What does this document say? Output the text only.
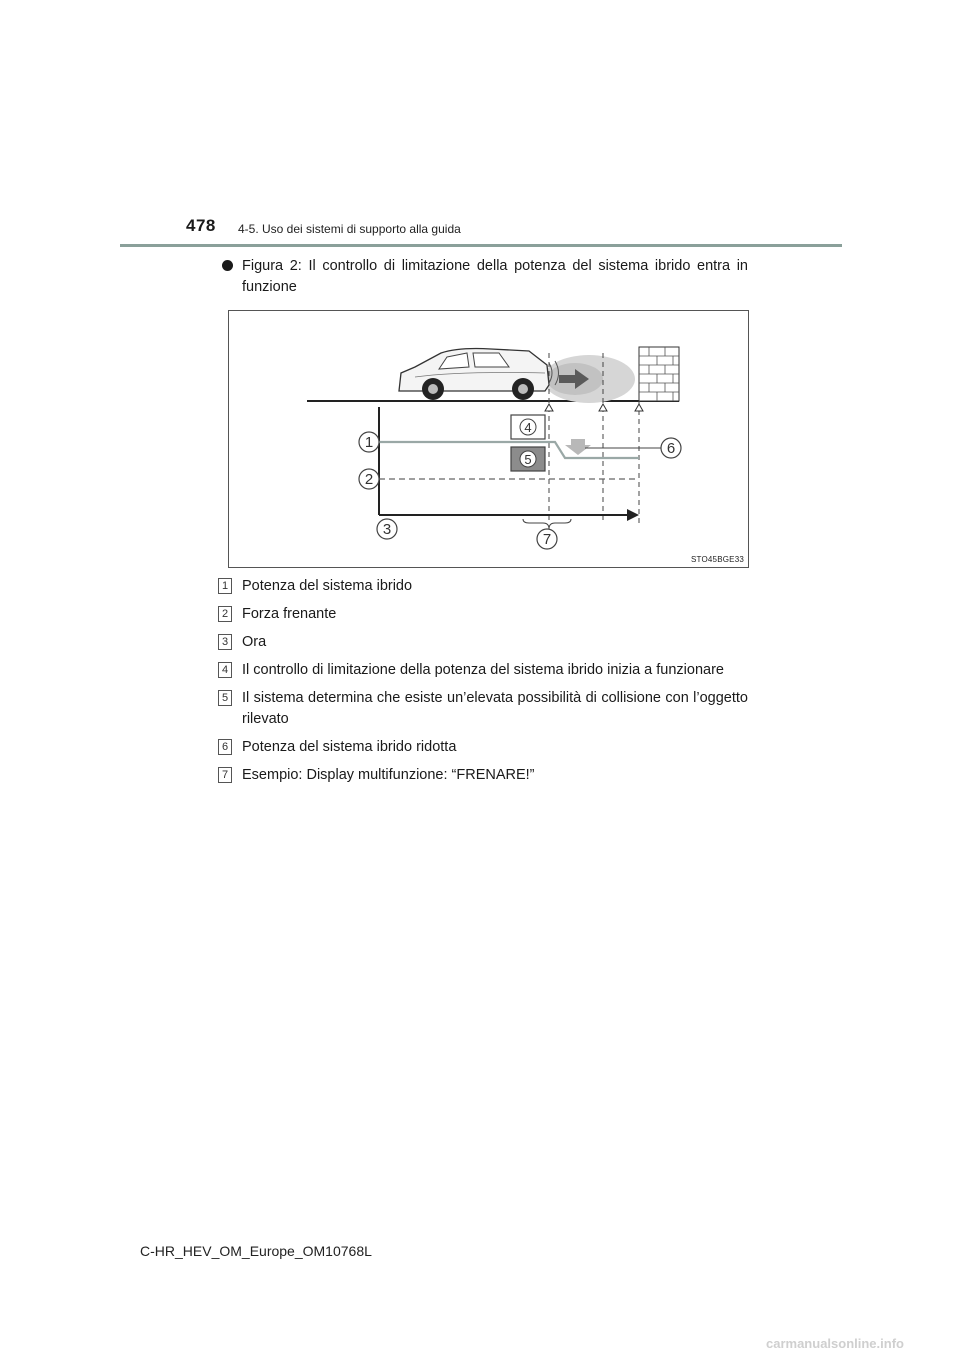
478 4-5. Uso dei sistemi di supporto alla guida
Figura 2: Il controllo di limitazione della potenza del sistema ibrido entra in funzione
4
5
1
2
3
6
7
STO45BGE33
1 Potenza del sistema ibrido
2 Forza frenante
3 Ora
4 Il controllo di limitazione della potenza del sistema ibrido inizia a funzionare
5 Il sistema determina che esiste un’elevata possibilità di collisione con l’oggetto rilevato
6 Potenza del sistema ibrido ridotta
7 Esempio: Display multifunzione: “FRENARE!”
C-HR_HEV_OM_Europe_OM10768L
carmanualsonline.info
